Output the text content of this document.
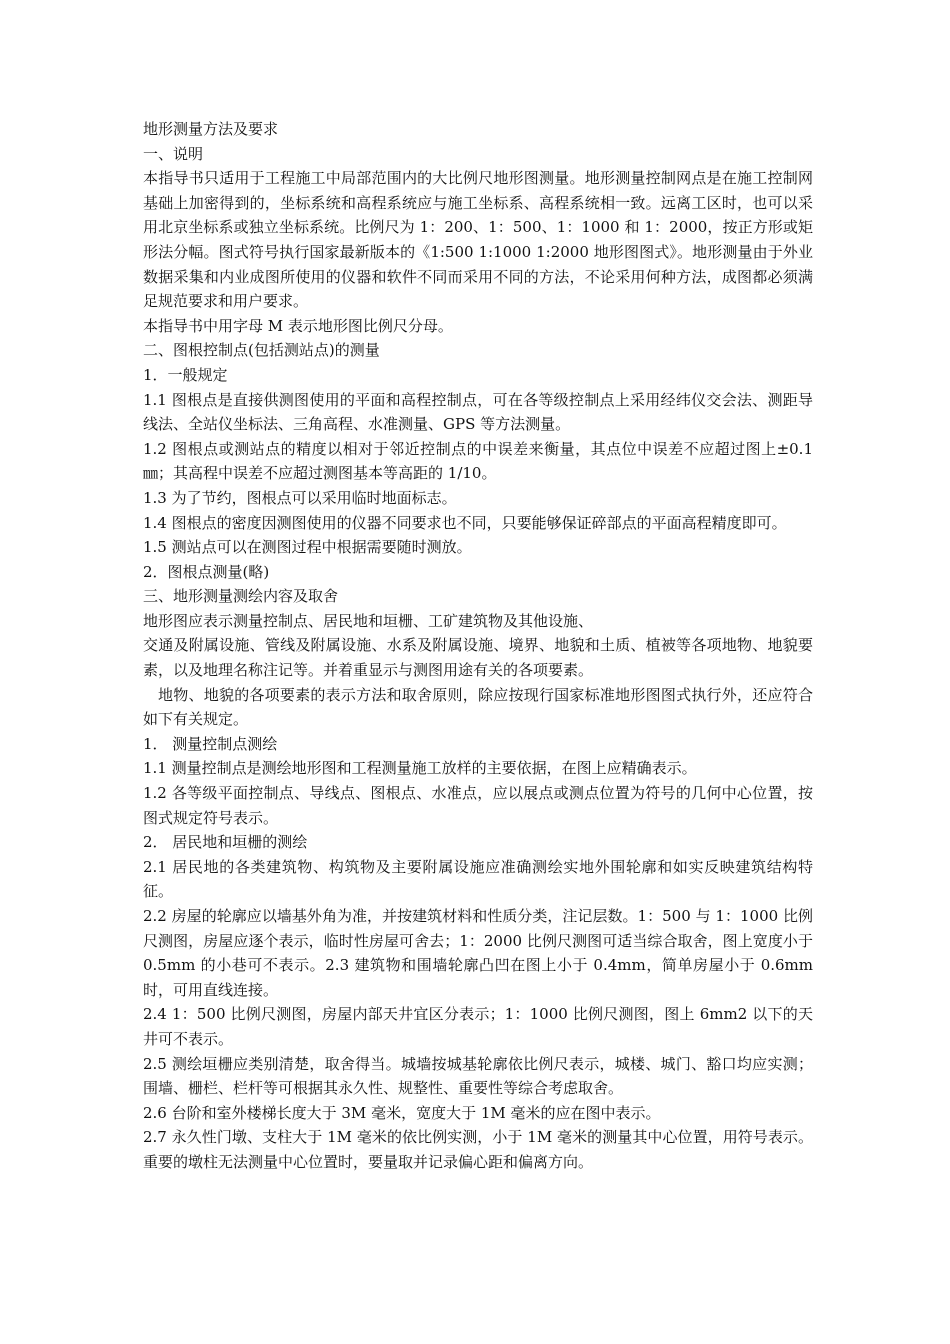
地形测量方法及要求

一、说明

本指导书只适用于工程施工中局部范围内的大比例尺地形图测量。地形测量控制网点是在施工控制网基础上加密得到的，坐标系统和高程系统应与施工坐标系、高程系统相一致。远离工区时，也可以采用北京坐标系或独立坐标系统。比例尺为 1：200、1：500、1：1000 和 1：2000，按正方形或矩形法分幅。图式符号执行国家最新版本的《1:500 1:1000 1:2000 地形图图式》。地形测量由于外业数据采集和内业成图所使用的仪器和软件不同而采用不同的方法，不论采用何种方法，成图都必须满足规范要求和用户要求。

本指导书中用字母 M 表示地形图比例尺分母。

二、图根控制点(包括测站点)的测量

1．一般规定

1.1 图根点是直接供测图使用的平面和高程控制点，可在各等级控制点上采用经纬仪交会法、测距导线法、全站仪坐标法、三角高程、水准测量、GPS 等方法测量。

1.2 图根点或测站点的精度以相对于邻近控制点的中误差来衡量，其点位中误差不应超过图上±0.1㎜；其高程中误差不应超过测图基本等高距的 1/10。

1.3 为了节约，图根点可以采用临时地面标志。

1.4 图根点的密度因测图使用的仪器不同要求也不同，只要能够保证碎部点的平面高程精度即可。

1.5 测站点可以在测图过程中根据需要随时测放。

2．图根点测量(略)

三、地形测量测绘内容及取舍

地形图应表示测量控制点、居民地和垣栅、工矿建筑物及其他设施、

交通及附属设施、管线及附属设施、水系及附属设施、境界、地貌和土质、植被等各项地物、地貌要素，以及地理名称注记等。并着重显示与测图用途有关的各项要素。

地物、地貌的各项要素的表示方法和取舍原则，除应按现行国家标准地形图图式执行外，还应符合如下有关规定。

1． 测量控制点测绘

1.1 测量控制点是测绘地形图和工程测量施工放样的主要依据，在图上应精确表示。

1.2 各等级平面控制点、导线点、图根点、水准点，应以展点或测点位置为符号的几何中心位置，按图式规定符号表示。

2． 居民地和垣栅的测绘

2.1 居民地的各类建筑物、构筑物及主要附属设施应准确测绘实地外围轮廓和如实反映建筑结构特征。

2.2 房屋的轮廓应以墙基外角为准，并按建筑材料和性质分类，注记层数。1：500 与 1：1000 比例尺测图，房屋应逐个表示，临时性房屋可舍去；1：2000 比例尺测图可适当综合取舍，图上宽度小于 0.5mm 的小巷可不表示。2.3 建筑物和围墙轮廓凸凹在图上小于 0.4mm，简单房屋小于 0.6mm 时，可用直线连接。

2.4 1：500 比例尺测图，房屋内部天井宜区分表示；1：1000 比例尺测图，图上 6mm2 以下的天井可不表示。

2.5 测绘垣栅应类别清楚，取舍得当。城墙按城基轮廓依比例尺表示，城楼、城门、豁口均应实测；围墙、栅栏、栏杆等可根据其永久性、规整性、重要性等综合考虑取舍。

2.6 台阶和室外楼梯长度大于 3M 毫米，宽度大于 1M 毫米的应在图中表示。

2.7 永久性门墩、支柱大于 1M 毫米的依比例实测，小于 1M 毫米的测量其中心位置，用符号表示。重要的墩柱无法测量中心位置时，要量取并记录偏心距和偏离方向。
